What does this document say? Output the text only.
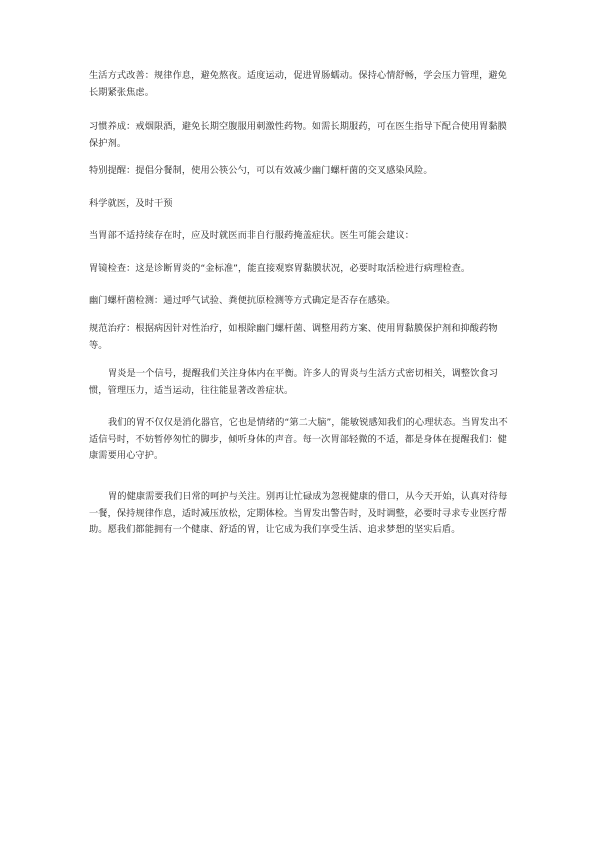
生活方式改善：规律作息，避免熬夜。适度运动，促进胃肠蠕动。保持心情舒畅，学会压力管理，避免长期紧张焦虑。

习惯养成：戒烟限酒，避免长期空腹服用刺激性药物。如需长期服药，可在医生指导下配合使用胃黏膜保护剂。

特别提醒：提倡分餐制，使用公筷公勺，可以有效减少幽门螺杆菌的交叉感染风险。

科学就医，及时干预

当胃部不适持续存在时，应及时就医而非自行服药掩盖症状。医生可能会建议：

胃镜检查：这是诊断胃炎的“金标准”，能直接观察胃黏膜状况，必要时取活检进行病理检查。

幽门螺杆菌检测：通过呼气试验、粪便抗原检测等方式确定是否存在感染。

规范治疗：根据病因针对性治疗，如根除幽门螺杆菌、调整用药方案、使用胃黏膜保护剂和抑酸药物等。

胃炎是一个信号，提醒我们关注身体内在平衡。许多人的胃炎与生活方式密切相关，调整饮食习惯，管理压力，适当运动，往往能显著改善症状。

我们的胃不仅仅是消化器官，它也是情绪的“第二大脑”，能敏锐感知我们的心理状态。当胃发出不适信号时，不妨暂停匆忙的脚步，倾听身体的声音。每一次胃部轻微的不适，都是身体在提醒我们：健康需要用心守护。

胃的健康需要我们日常的呵护与关注。别再让忙碌成为忽视健康的借口，从今天开始，认真对待每一餐，保持规律作息，适时减压放松，定期体检。当胃发出警告时，及时调整，必要时寻求专业医疗帮助。愿我们都能拥有一个健康、舒适的胃，让它成为我们享受生活、追求梦想的坚实后盾。
